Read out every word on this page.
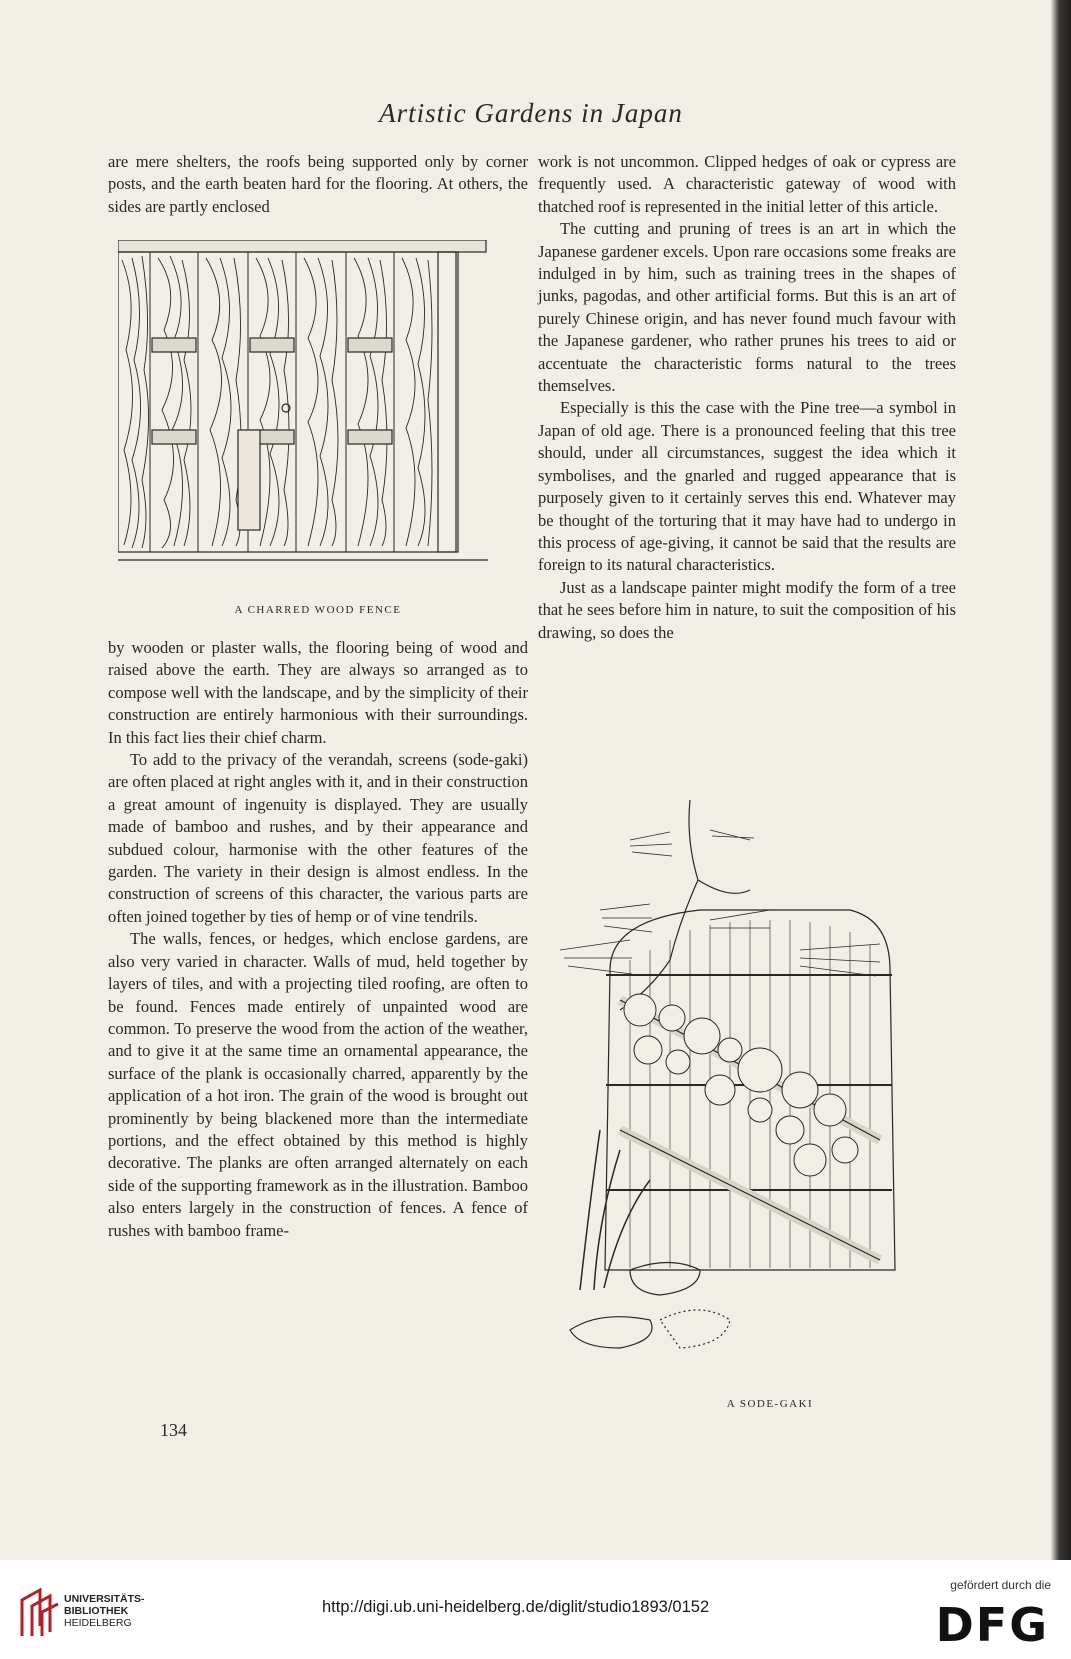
Artistic Gardens in Japan

are mere shelters, the roofs being supported only by corner posts, and the earth beaten hard for the flooring. At others, the sides are partly enclosed

A CHARRED WOOD FENCE

by wooden or plaster walls, the flooring being of wood and raised above the earth. They are always so arranged as to compose well with the landscape, and by the simplicity of their construction are entirely harmonious with their surroundings. In this fact lies their chief charm.

To add to the privacy of the verandah, screens (sode-gaki) are often placed at right angles with it, and in their construction a great amount of ingenuity is displayed. They are usually made of bamboo and rushes, and by their appearance and subdued colour, harmonise with the other features of the garden. The variety in their design is almost endless. In the construction of screens of this character, the various parts are often joined together by ties of hemp or of vine tendrils.

The walls, fences, or hedges, which enclose gardens, are also very varied in character. Walls of mud, held together by layers of tiles, and with a projecting tiled roofing, are often to be found. Fences made entirely of unpainted wood are common. To preserve the wood from the action of the weather, and to give it at the same time an ornamental appearance, the surface of the plank is occasionally charred, apparently by the application of a hot iron. The grain of the wood is brought out prominently by being blackened more than the intermediate portions, and the effect obtained by this method is highly decorative. The planks are often arranged alternately on each side of the supporting framework as in the illustration. Bamboo also enters largely in the construction of fences. A fence of rushes with bamboo frame-

work is not uncommon. Clipped hedges of oak or cypress are frequently used. A characteristic gateway of wood with thatched roof is represented in the initial letter of this article.

The cutting and pruning of trees is an art in which the Japanese gardener excels. Upon rare occasions some freaks are indulged in by him, such as training trees in the shapes of junks, pagodas, and other artificial forms. But this is an art of purely Chinese origin, and has never found much favour with the Japanese gardener, who rather prunes his trees to aid or accentuate the characteristic forms natural to the trees themselves.

Especially is this the case with the Pine tree—a symbol in Japan of old age. There is a pronounced feeling that this tree should, under all circumstances, suggest the idea which it symbolises, and the gnarled and rugged appearance that is purposely given to it certainly serves this end. Whatever may be thought of the torturing that it may have had to undergo in this process of age-giving, it cannot be said that the results are foreign to its natural characteristics.

Just as a landscape painter might modify the form of a tree that he sees before him in nature, to suit the composition of his drawing, so does the

A SODE-GAKI
134
UNIVERSITÄTS-
BIBLIOTHEK
HEIDELBERG
http://digi.ub.uni-heidelberg.de/diglit/studio1893/0152
gefördert durch die
DFG
